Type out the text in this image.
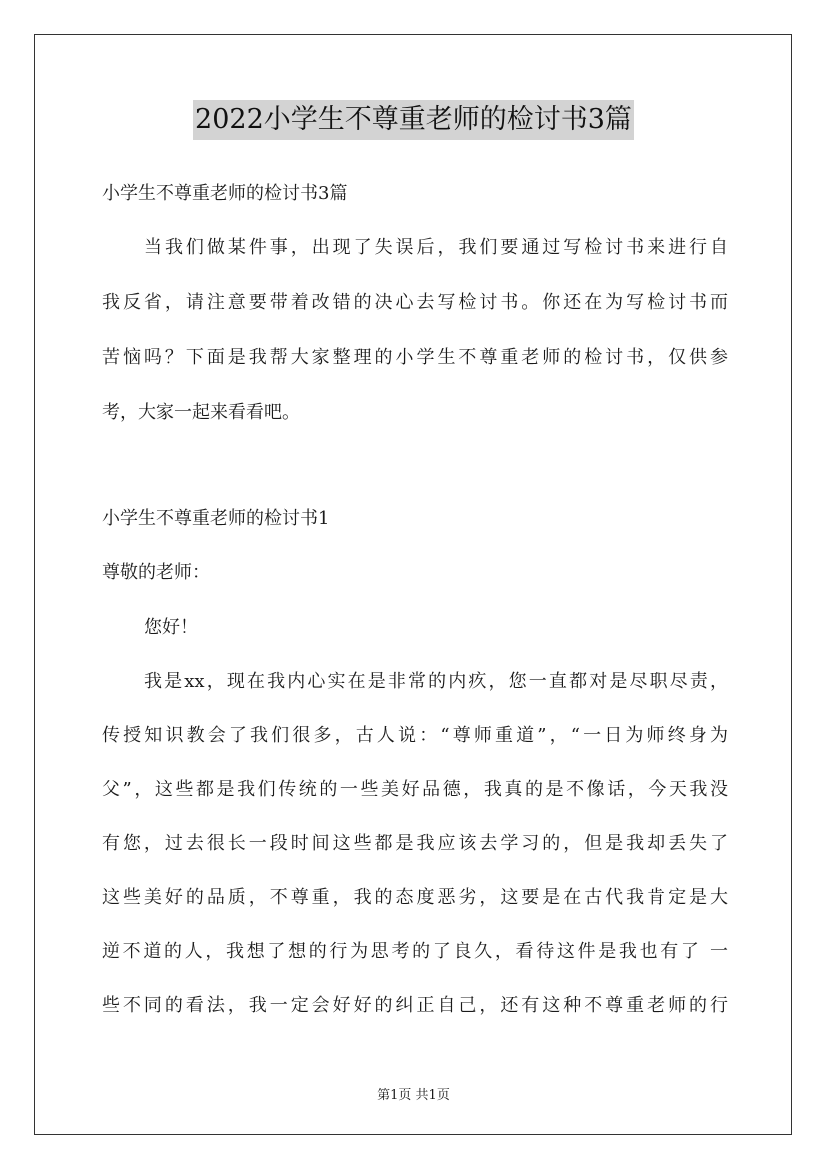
2022小学生不尊重老师的检讨书3篇
小学生不尊重老师的检讨书3篇
当我们做某件事，出现了失误后，我们要通过写检讨书来进行自
我反省，请注意要带着改错的决心去写检讨书。你还在为写检讨书而
苦恼吗？下面是我帮大家整理的小学生不尊重老师的检讨书，仅供参
考，大家一起来看看吧。
小学生不尊重老师的检讨书1
尊敬的老师：
您好！
我是xx，现在我内心实在是非常的内疚，您一直都对是尽职尽责，
传授知识教会了我们很多，古人说：“尊师重道”，“一日为师终身为
父”，这些都是我们传统的一些美好品德，我真的是不像话，今天我没
有您，过去很长一段时间这些都是我应该去学习的，但是我却丢失了
这些美好的品质，不尊重，我的态度恶劣，这要是在古代我肯定是大
逆不道的人，我想了想的行为思考的了良久，看待这件是我也有了 一
些不同的看法，我一定会好好的纠正自己，还有这种不尊重老师的行
第1页 共1页
